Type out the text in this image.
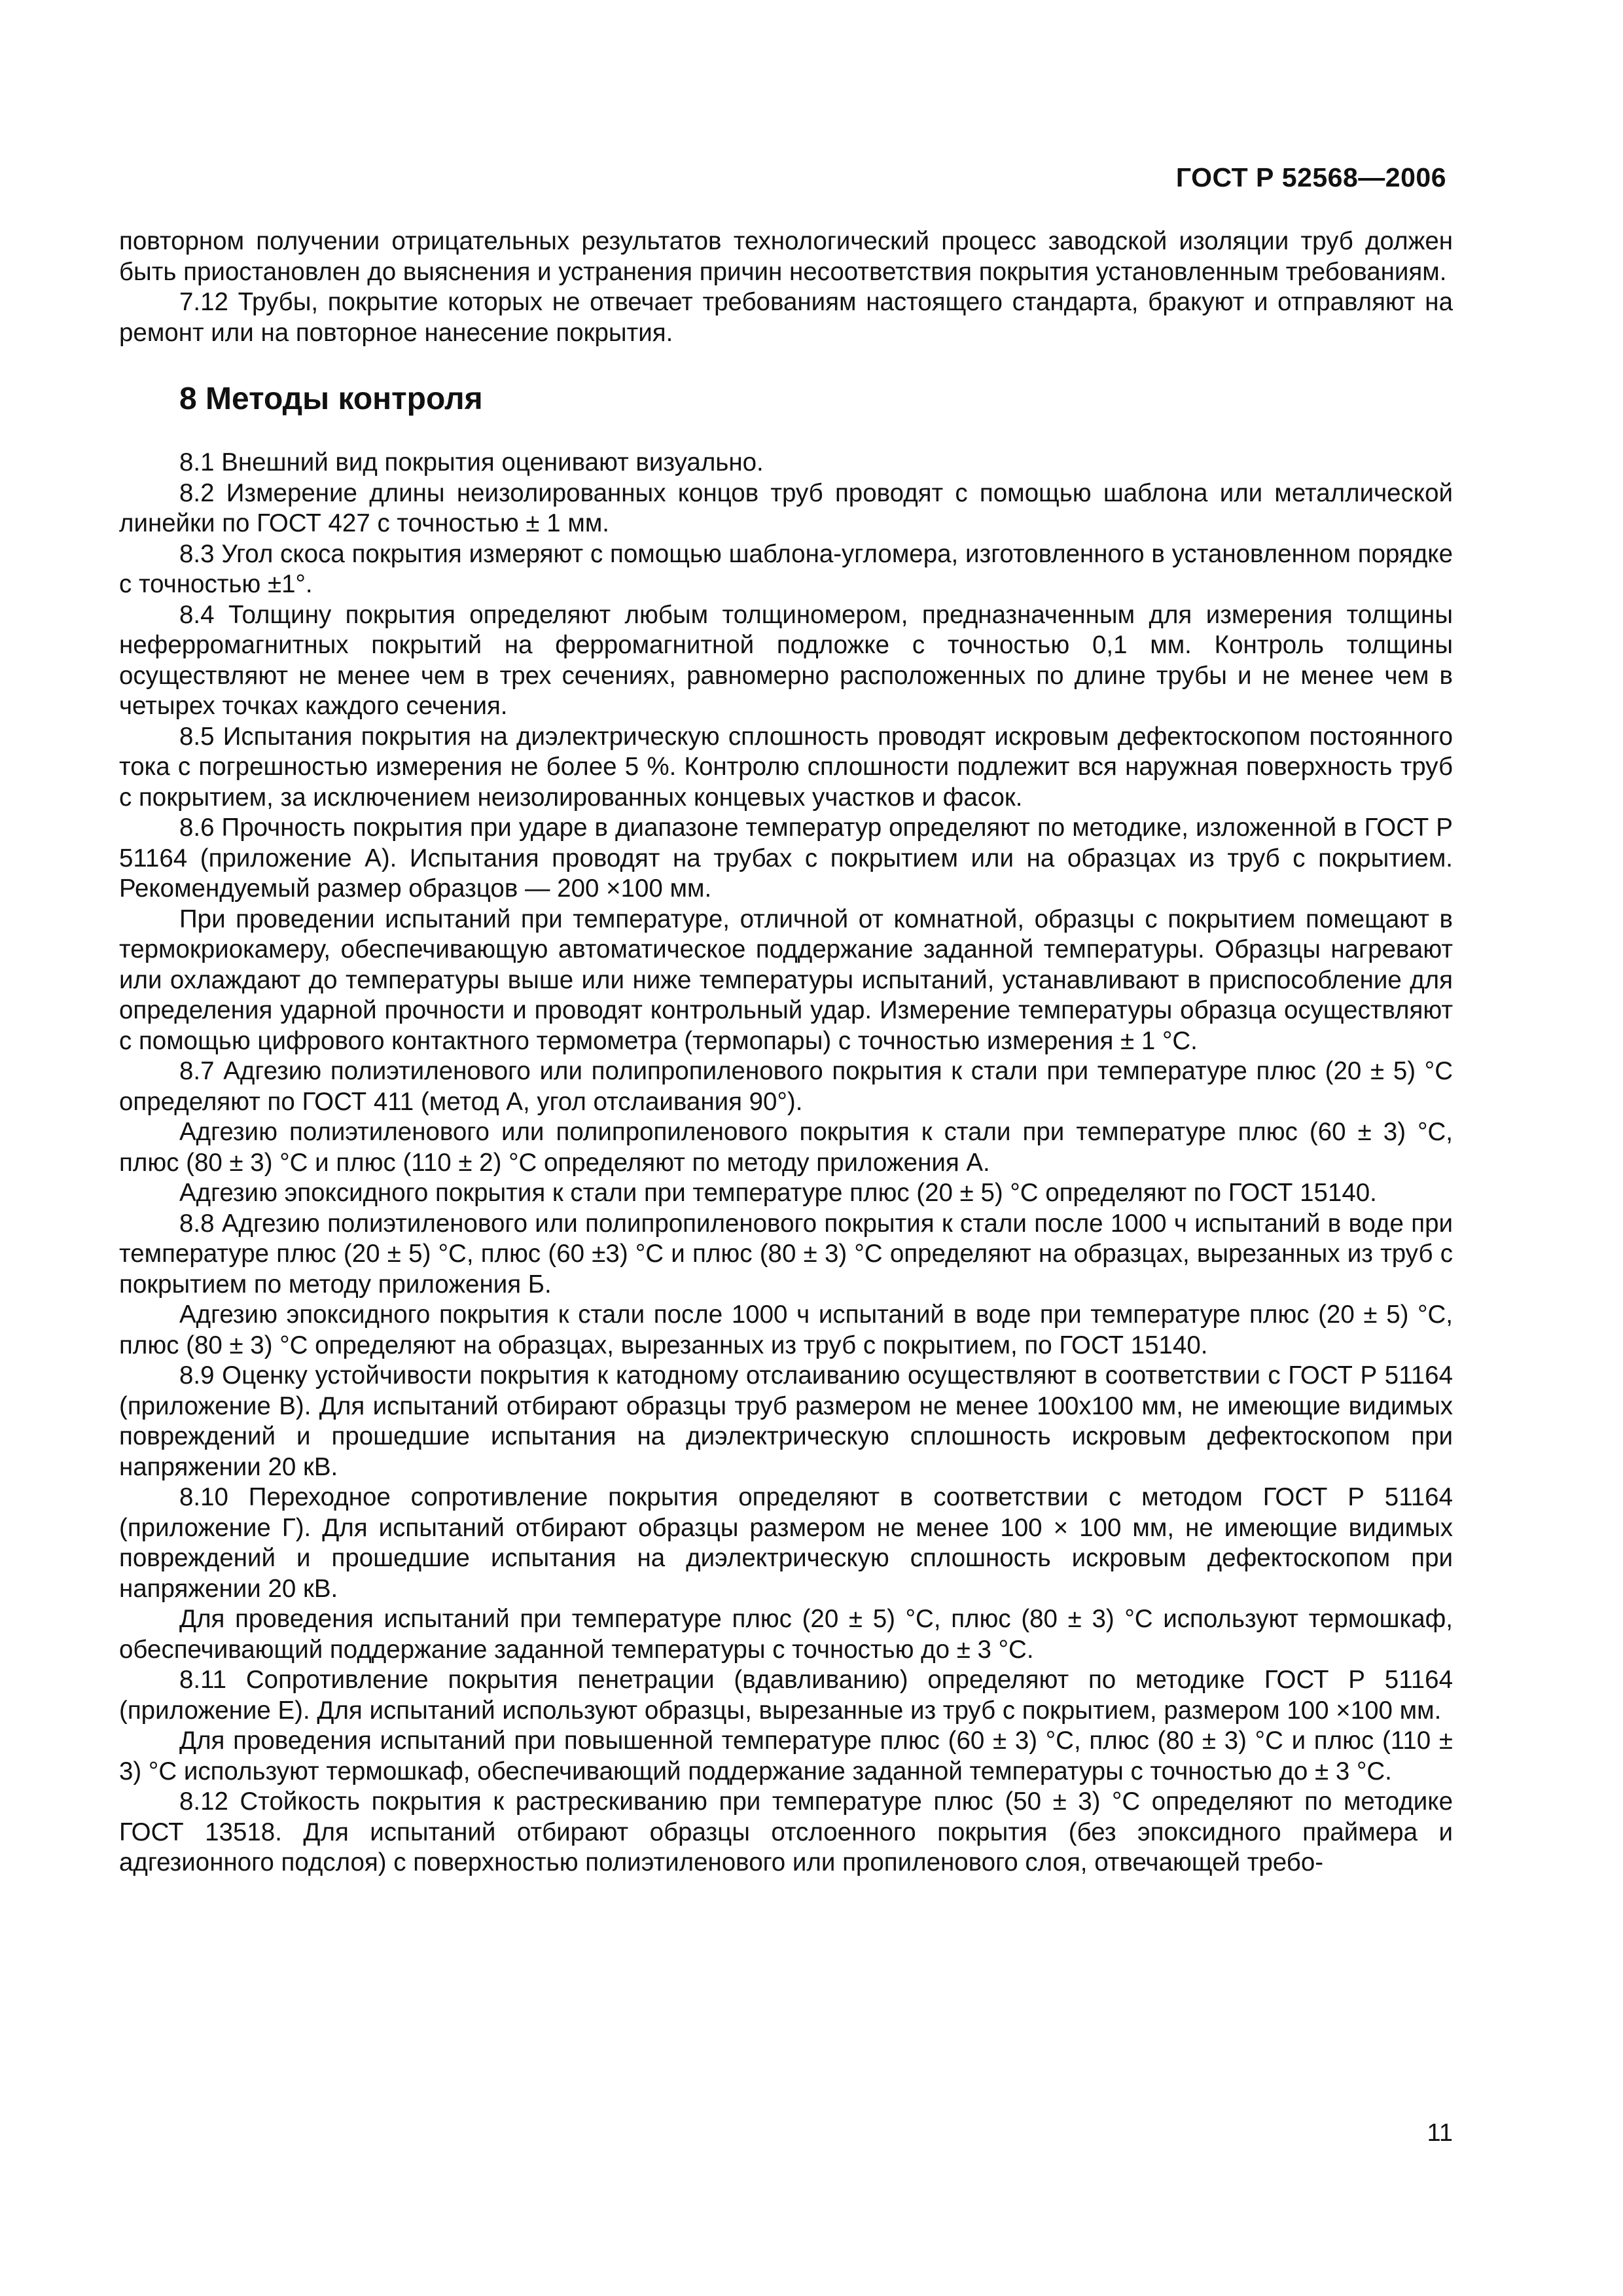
ГОСТ Р 52568—2006

повторном получении отрицательных результатов технологический процесс заводской изоляции труб должен быть приостановлен до выяснения и устранения причин несоответствия покрытия установленным требованиям.

7.12 Трубы, покрытие которых не отвечает требованиям настоящего стандарта, бракуют и отправляют на ремонт или на повторное нанесение покрытия.

8 Методы контроля

8.1 Внешний вид покрытия оценивают визуально.

8.2 Измерение длины неизолированных концов труб проводят с помощью шаблона или металлической линейки по ГОСТ 427 с точностью ± 1 мм.

8.3 Угол скоса покрытия измеряют с помощью шаблона-угломера, изготовленного в установленном порядке с точностью ±1°.

8.4 Толщину покрытия определяют любым толщиномером, предназначенным для измерения толщины неферромагнитных покрытий на ферромагнитной подложке с точностью 0,1 мм. Контроль толщины осуществляют не менее чем в трех сечениях, равномерно расположенных по длине трубы и не менее чем в четырех точках каждого сечения.

8.5 Испытания покрытия на диэлектрическую сплошность проводят искровым дефектоскопом постоянного тока с погрешностью измерения не более 5 %. Контролю сплошности подлежит вся наружная поверхность труб с покрытием, за исключением неизолированных концевых участков и фасок.

8.6 Прочность покрытия при ударе в диапазоне температур определяют по методике, изложенной в ГОСТ Р 51164 (приложение А). Испытания проводят на трубах с покрытием или на образцах из труб с покрытием. Рекомендуемый размер образцов — 200 ×100 мм.

При проведении испытаний при температуре, отличной от комнатной, образцы с покрытием помещают в термокриокамеру, обеспечивающую автоматическое поддержание заданной температуры. Образцы нагревают или охлаждают до температуры выше или ниже температуры испытаний, устанавливают в приспособление для определения ударной прочности и проводят контрольный удар. Измерение температуры образца осуществляют с помощью цифрового контактного термометра (термопары) с точностью измерения ± 1 °С.

8.7 Адгезию полиэтиленового или полипропиленового покрытия к стали при температуре плюс (20 ± 5) °С определяют по ГОСТ 411 (метод А, угол отслаивания 90°).

Адгезию полиэтиленового или полипропиленового покрытия к стали при температуре плюс (60 ± 3) °С, плюс (80 ± 3) °С и плюс (110 ± 2) °С определяют по методу приложения А.

Адгезию эпоксидного покрытия к стали при температуре плюс (20 ± 5) °С определяют по ГОСТ 15140.

8.8 Адгезию полиэтиленового или полипропиленового покрытия к стали после 1000 ч испытаний в воде при температуре плюс (20 ± 5) °С, плюс (60 ±3) °С и плюс (80 ± 3) °С определяют на образцах, вырезанных из труб с покрытием по методу приложения Б.

Адгезию эпоксидного покрытия к стали после 1000 ч испытаний в воде при температуре плюс (20 ± 5) °С, плюс (80 ± 3) °С определяют на образцах, вырезанных из труб с покрытием, по ГОСТ 15140.

8.9 Оценку устойчивости покрытия к катодному отслаиванию осуществляют в соответствии с ГОСТ Р 51164 (приложение В). Для испытаний отбирают образцы труб размером не менее 100х100 мм, не имеющие видимых повреждений и прошедшие испытания на диэлектрическую сплошность искровым дефектоскопом при напряжении 20 кВ.

8.10 Переходное сопротивление покрытия определяют в соответствии с методом ГОСТ Р 51164 (приложение Г). Для испытаний отбирают образцы размером не менее 100 × 100 мм, не имеющие видимых повреждений и прошедшие испытания на диэлектрическую сплошность искровым дефектоскопом при напряжении 20 кВ.

Для проведения испытаний при температуре плюс (20 ± 5) °С, плюс (80 ± 3) °С используют термошкаф, обеспечивающий поддержание заданной температуры с точностью до ± 3 °С.

8.11 Сопротивление покрытия пенетрации (вдавливанию) определяют по методике ГОСТ Р 51164 (приложение Е). Для испытаний используют образцы, вырезанные из труб с покрытием, размером 100 ×100 мм.

Для проведения испытаний при повышенной температуре плюс (60 ± 3) °С, плюс (80 ± 3) °С и плюс (110 ± 3) °С используют термошкаф, обеспечивающий поддержание заданной температуры с точностью до ± 3 °С.

8.12 Стойкость покрытия к растрескиванию при температуре плюс (50 ± 3) °С определяют по методике ГОСТ 13518. Для испытаний отбирают образцы отслоенного покрытия (без эпоксидного праймера и адгезионного подслоя) с поверхностью полиэтиленового или пропиленового слоя, отвечающей требо-

11
